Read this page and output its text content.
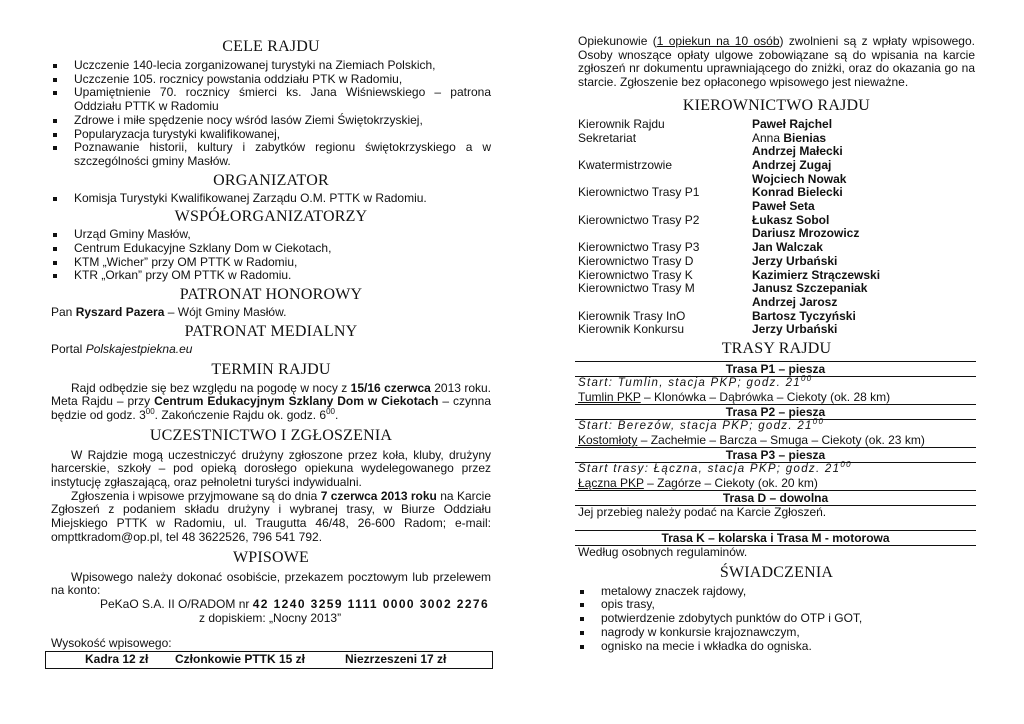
CELE RAJDU
Uczczenie 140-lecia zorganizowanej turystyki na Ziemiach Polskich,
Uczczenie 105. rocznicy powstania oddziału PTK w Radomiu,
Upamiętnienie 70. rocznicy śmierci ks. Jana Wiśniewskiego – patrona Oddziału PTTK w Radomiu
Zdrowe i miłe spędzenie nocy wśród lasów Ziemi Świętokrzyskiej,
Popularyzacja turystyki kwalifikowanej,
Poznawanie historii, kultury i zabytków regionu świętokrzyskiego a w szczególności gminy Masłów.
ORGANIZATOR
Komisja Turystyki Kwalifikowanej Zarządu O.M. PTTK w Radomiu.
WSPÓŁORGANIZATORZY
Urząd Gminy Masłów,
Centrum Edukacyjne Szklany Dom w Ciekotach,
KTM „Wicher” przy OM PTTK w Radomiu,
KTR „Orkan” przy OM PTTK w Radomiu.
PATRONAT HONOROWY

Pan Ryszard Pazera – Wójt Gminy Masłów.

PATRONAT MEDIALNY

Portal Polskajestpiekna.eu

TERMIN RAJDU

Rajd odbędzie się bez względu na pogodę w nocy z 15/16 czerwca 2013 roku. Meta Rajdu – przy Centrum Edukacyjnym Szklany Dom w Ciekotach – czynna będzie od godz. $3^{00}$. Zakończenie Rajdu ok. godz. $6^{00}$.

UCZESTNICTWO I ZGŁOSZENIA

W Rajdzie mogą uczestniczyć drużyny zgłoszone przez koła, kluby, drużyny harcerskie, szkoły – pod opieką dorosłego opiekuna wydelegowanego przez instytucję zgłaszającą, oraz pełnoletni turyści indywidualni.

Zgłoszenia i wpisowe przyjmowane są do dnia 7 czerwca 2013 roku na Karcie Zgłoszeń z podaniem składu drużyny i wybranej trasy, w Biurze Oddziału Miejskiego PTTK w Radomiu, ul. Traugutta 46/48, 26-600 Radom; e-mail: ompttkradom@op.pl, tel 48 3622526, 796 541 792.

WPISOWE

Wpisowego należy dokonać osobiście, przekazem pocztowym lub przelewem na konto:

PeKaO S.A. II O/RADOM nr 42 1240 3259 1111 0000 3002 2276

z dopiskiem: „Nocny 2013”

Wysokość wpisowego:

Kadra 12 zł	Członkowie PTTK 15 zł	Niezrzeszeni 17 zł

Opiekunowie (1 opiekun na 10 osób) zwolnieni są z wpłaty wpisowego. Osoby wnoszące opłaty ulgowe zobowiązane są do wpisania na karcie zgłoszeń nr dokumentu uprawniającego do zniżki, oraz do okazania go na starcie. Zgłoszenie bez opłaconego wpisowego jest nieważne.

KIEROWNICTWO RAJDU
Kierownik Rajdu	Paweł Rajchel
Sekretariat	Anna Bienias
Andrzej Małecki
Kwatermistrzowie	Andrzej Zugaj
Wojciech Nowak
Kierownictwo Trasy P1	Konrad Bielecki
Paweł Seta
Kierownictwo Trasy P2	Łukasz Sobol
Dariusz Mrozowicz
Kierownictwo Trasy P3	Jan Walczak
Kierownictwo Trasy D	Jerzy Urbański
Kierownictwo Trasy K	Kazimierz Strączewski
Kierownictwo Trasy M	Janusz Szczepaniak
Andrzej Jarosz
Kierownik Trasy InO	Bartosz Tyczyński
Kierownik Konkursu	Jerzy Urbański
TRASY RAJDU
Trasa P1 – piesza
Start: Tumlin, stacja PKP; godz. $21^{00}$
Tumlin PKP – Klonówka – Dąbrówka – Ciekoty (ok. 28 km)
Trasa P2 – piesza
Start: Berezów, stacja PKP; godz. $21^{00}$
Kostomłoty – Zachełmie – Barcza – Smuga – Ciekoty (ok. 23 km)
Trasa P3 – piesza
Start trasy: Łączna, stacja PKP; godz. $21^{00}$
Łączna PKP – Zagórze – Ciekoty (ok. 20 km)
Trasa D – dowolna
Jej przebieg należy podać na Karcie Zgłoszeń.
Trasa K – kolarska i Trasa M - motorowa
Według osobnych regulaminów.
ŚWIADCZENIA
metalowy znaczek rajdowy,
opis trasy,
potwierdzenie zdobytych punktów do OTP i GOT,
nagrody w konkursie krajoznawczym,
ognisko na mecie i wkładka do ogniska.
